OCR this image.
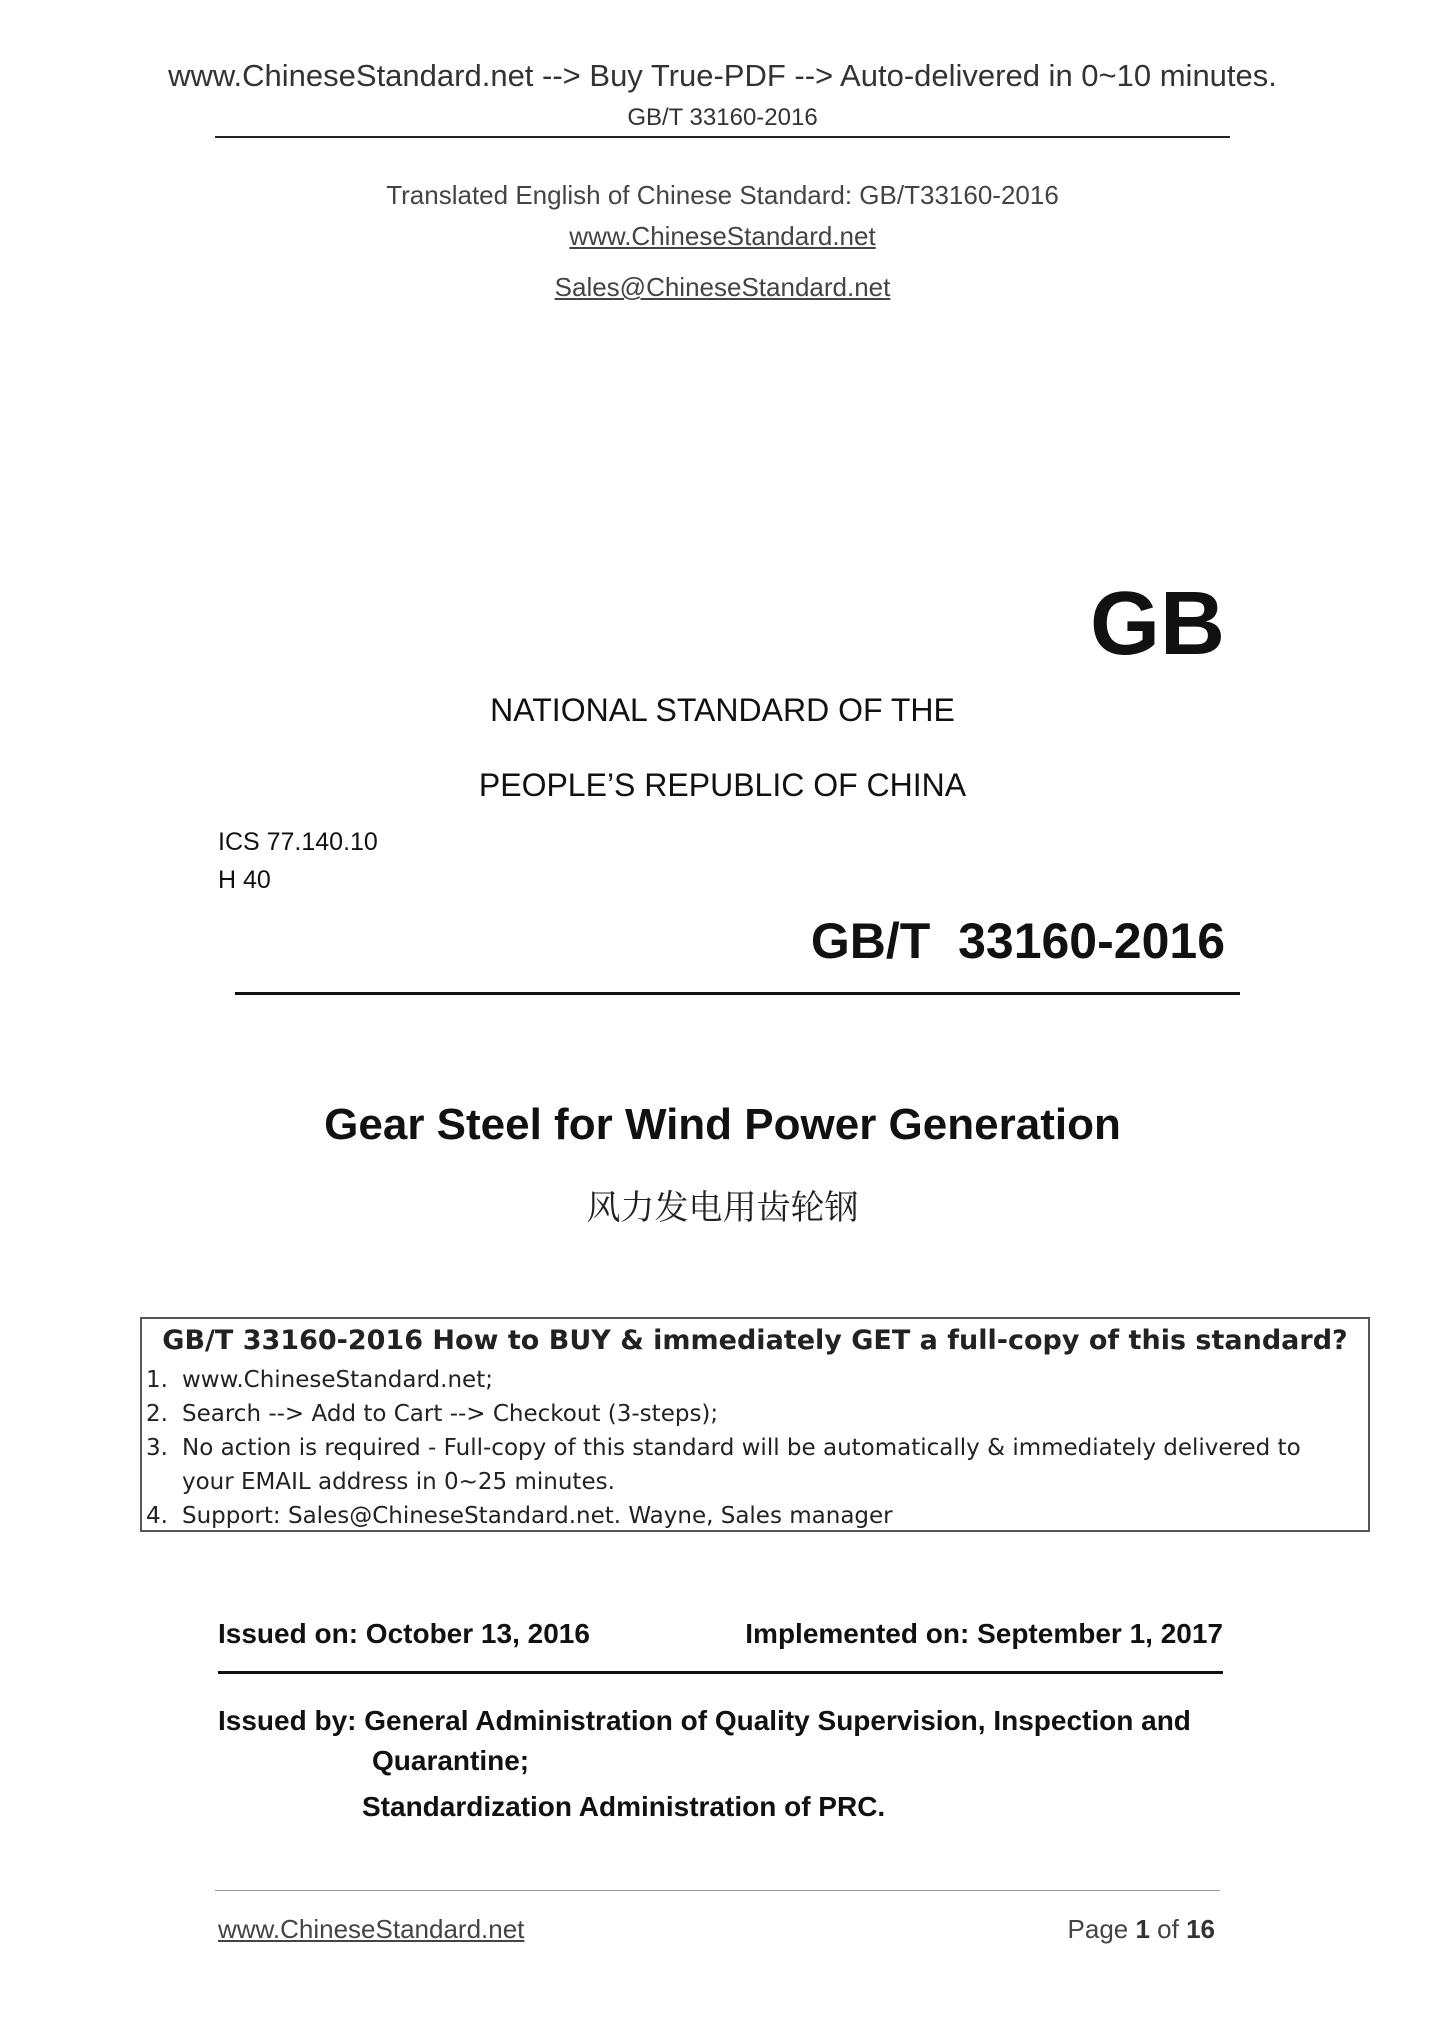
www.ChineseStandard.net --> Buy True-PDF --> Auto-delivered in 0~10 minutes.
GB/T 33160-2016
Translated English of Chinese Standard: GB/T33160-2016
www.ChineseStandard.net
Sales@ChineseStandard.net
GB
NATIONAL STANDARD OF THE
PEOPLE’S REPUBLIC OF CHINA
ICS 77.140.10
H 40
GB/T  33160-2016
Gear Steel for Wind Power Generation
风力发电用齿轮钢
GB/T 33160-2016 How to BUY & immediately GET a full-copy of this standard?
1. www.ChineseStandard.net;
2. Search --> Add to Cart --> Checkout (3-steps);
3. No action is required - Full-copy of this standard will be automatically & immediately delivered to your EMAIL address in 0~25 minutes.
4. Support: Sales@ChineseStandard.net. Wayne, Sales manager
Issued on: October 13, 2016	Implemented on: September 1, 2017
Issued by: General Administration of Quality Supervision, Inspection and
Quarantine;
Standardization Administration of PRC.
www.ChineseStandard.net	Page 1 of 16
